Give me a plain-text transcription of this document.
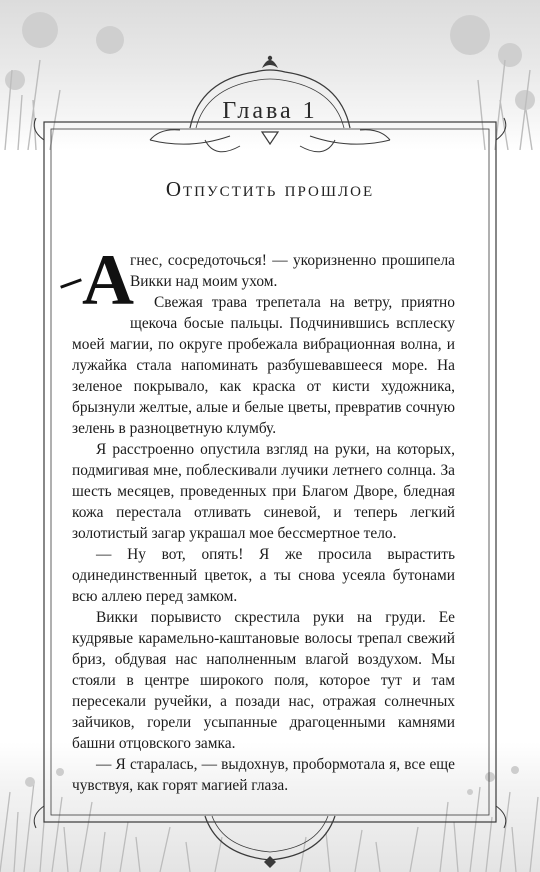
Глава 1
Отпустить прошлое

А
гнес, сосредоточься! — укоризненно прошипела Викки над моим ухом.

Свежая трава трепетала на ветру, приятно щекоча босые пальцы. Подчинившись всплеску моей магии, по округе пробежала вибрационная волна, и лужайка стала напоминать разбушевавшееся море. На зеленое покрывало, как краска от кисти художника, брызнули желтые, алые и белые цветы, превратив сочную зелень в разноцветную клумбу.

Я расстроенно опустила взгляд на руки, на которых, подмигивая мне, поблескивали лучики летнего солнца. За шесть месяцев, проведенных при Благом Дворе, бледная кожа перестала отливать синевой, и теперь легкий золотистый загар украшал мое бессмертное тело.

— Ну вот, опять! Я же просила вырастить одинединственный цветок, а ты снова усеяла бутонами всю аллею перед замком.

Викки порывисто скрестила руки на груди. Ее кудрявые карамельно-каштановые волосы трепал свежий бриз, обдувая нас наполненным влагой воздухом. Мы стояли в центре широкого поля, которое тут и там пересекали ручейки, а позади нас, отражая солнечных зайчиков, горели усыпанные драгоценными камнями башни отцовского замка.

— Я старалась, — выдохнув, пробормотала я, все еще чувствуя, как горят магией глаза.
